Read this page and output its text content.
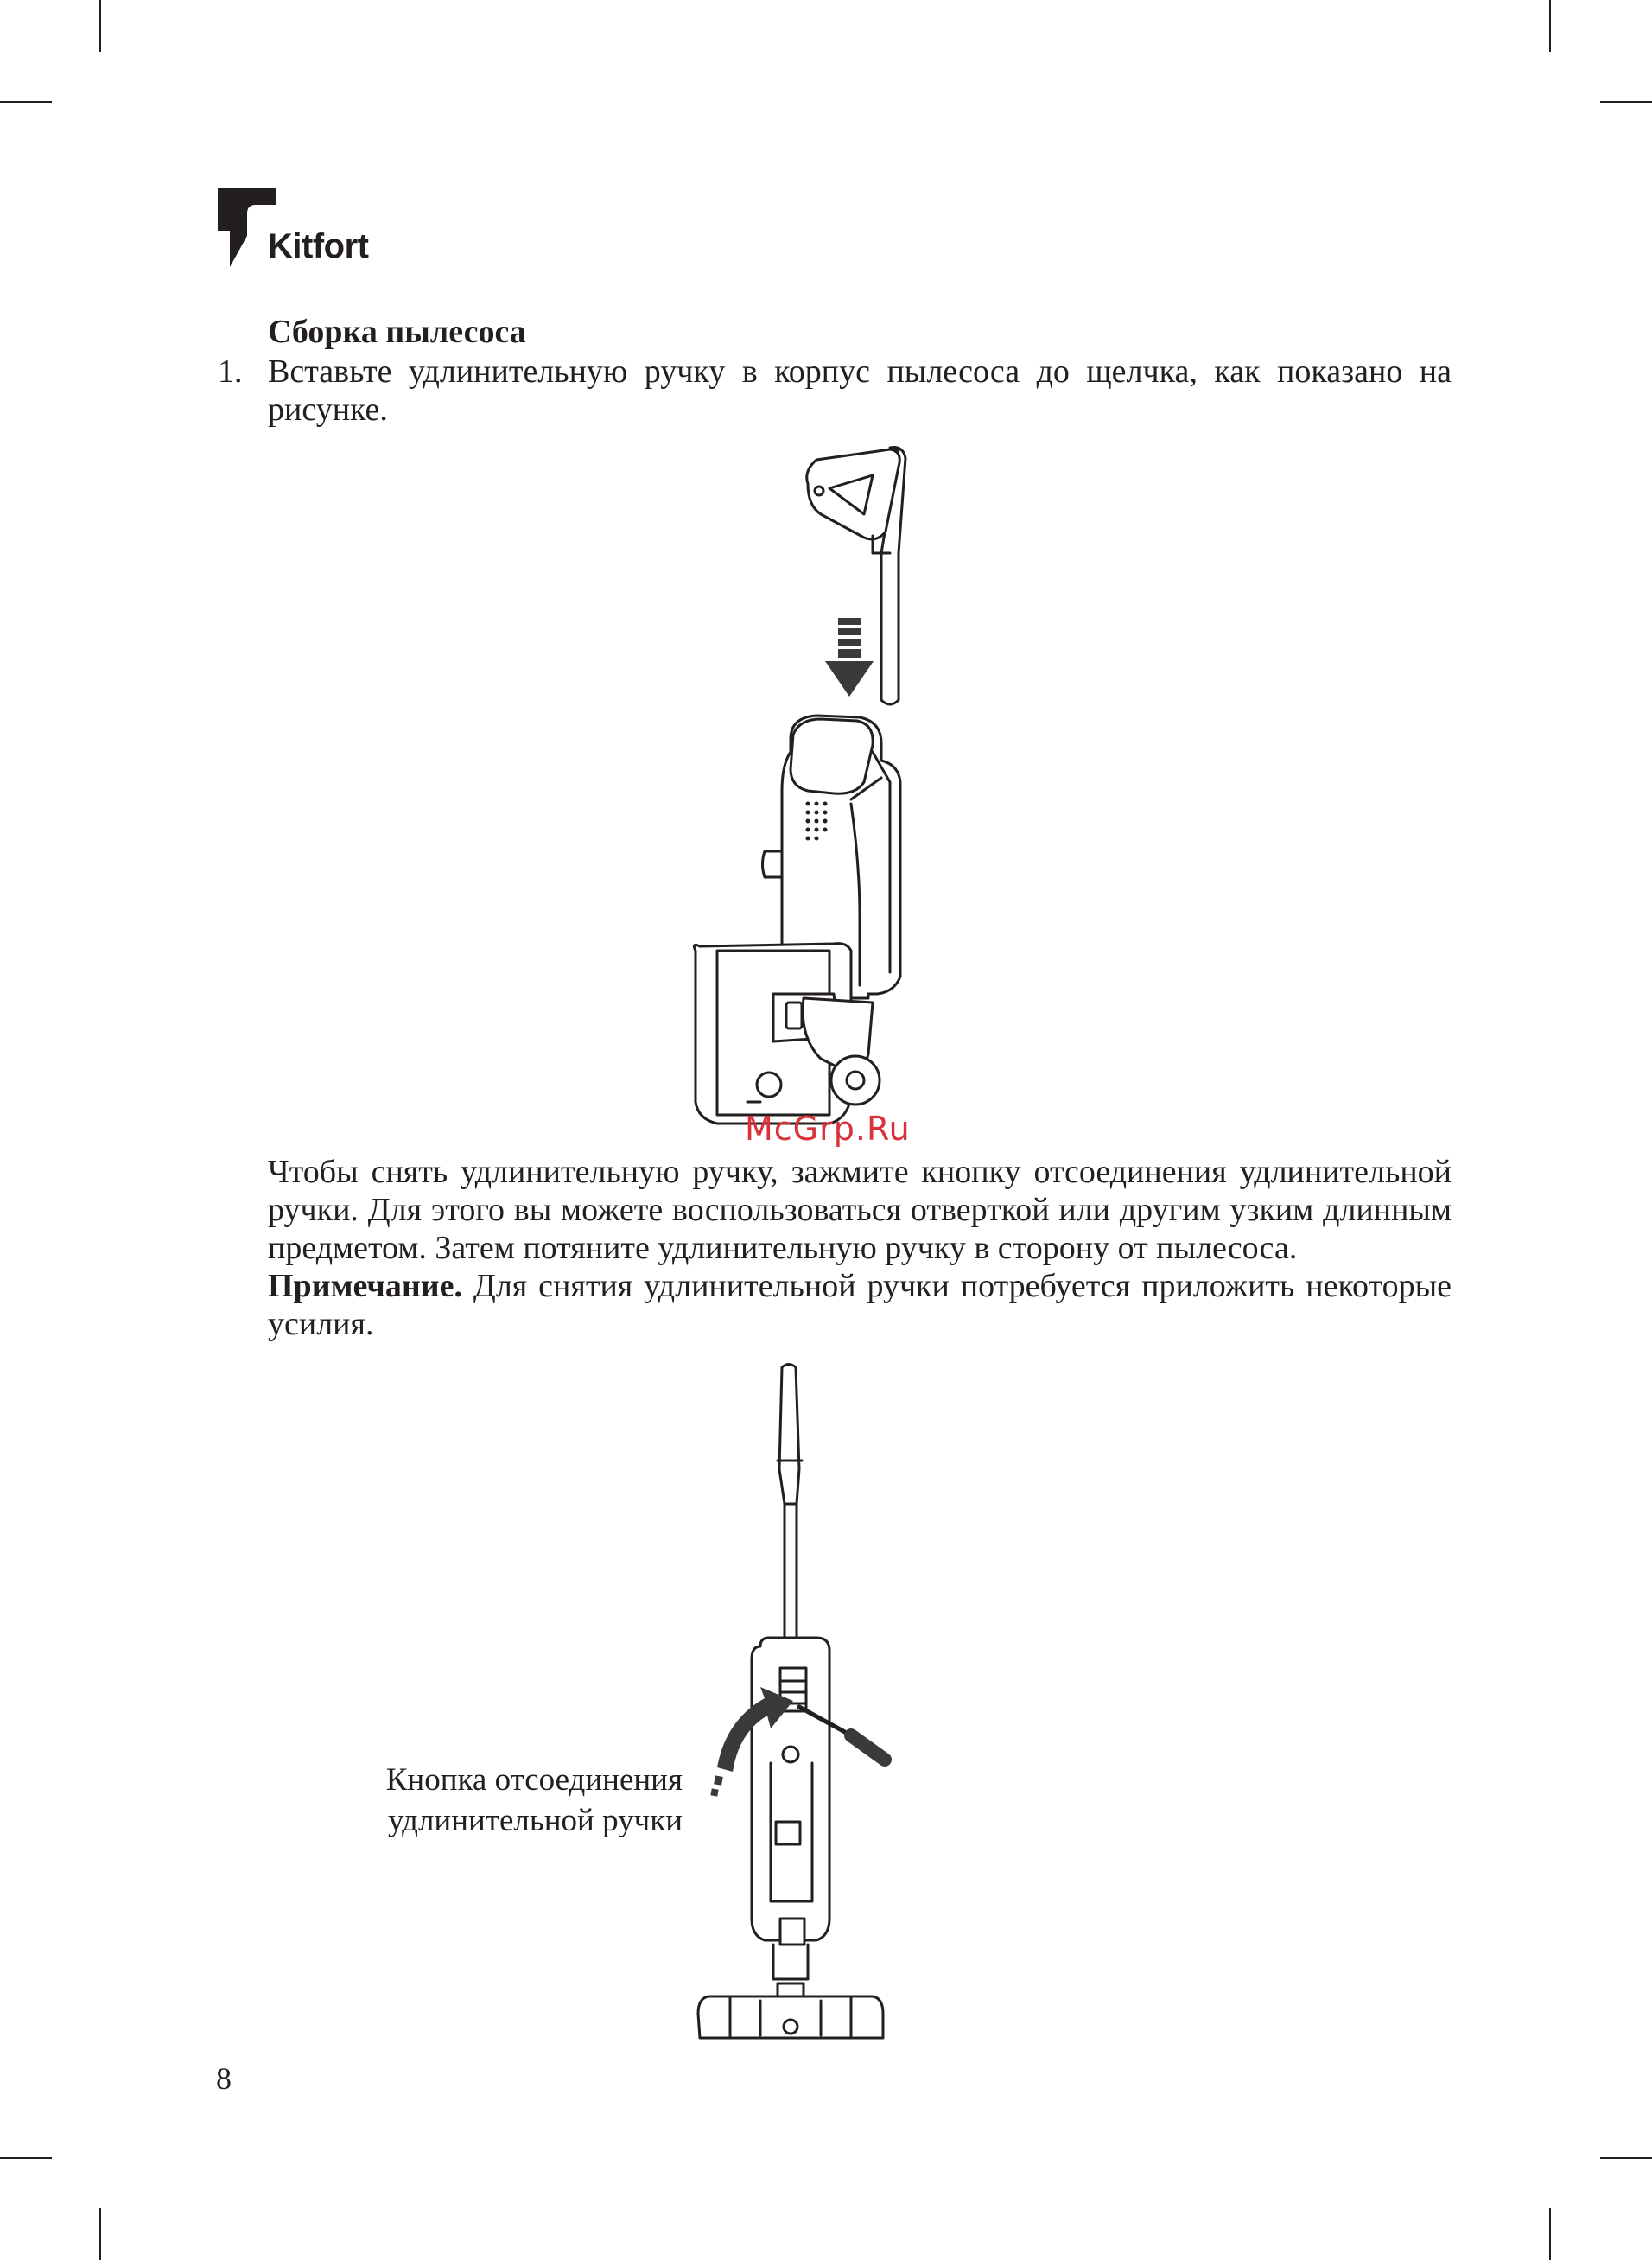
Kitfort
Сборка пылесоса
1. Вставьте удлинительную ручку в корпус пылесоса до щелчка, как показано на рисунке.
McGrp.Ru
Чтобы снять удлинительную ручку, зажмите кнопку отсоединения удлинительной ручки. Для этого вы можете воспользоваться отверткой или другим узким длинным предметом. Затем потяните удлинительную ручку в сторону от пылесоса.
Примечание. Для снятия удлинительной ручки потребуется приложить некоторые усилия.
Кнопка отсоединения
удлинительной ручки
8
